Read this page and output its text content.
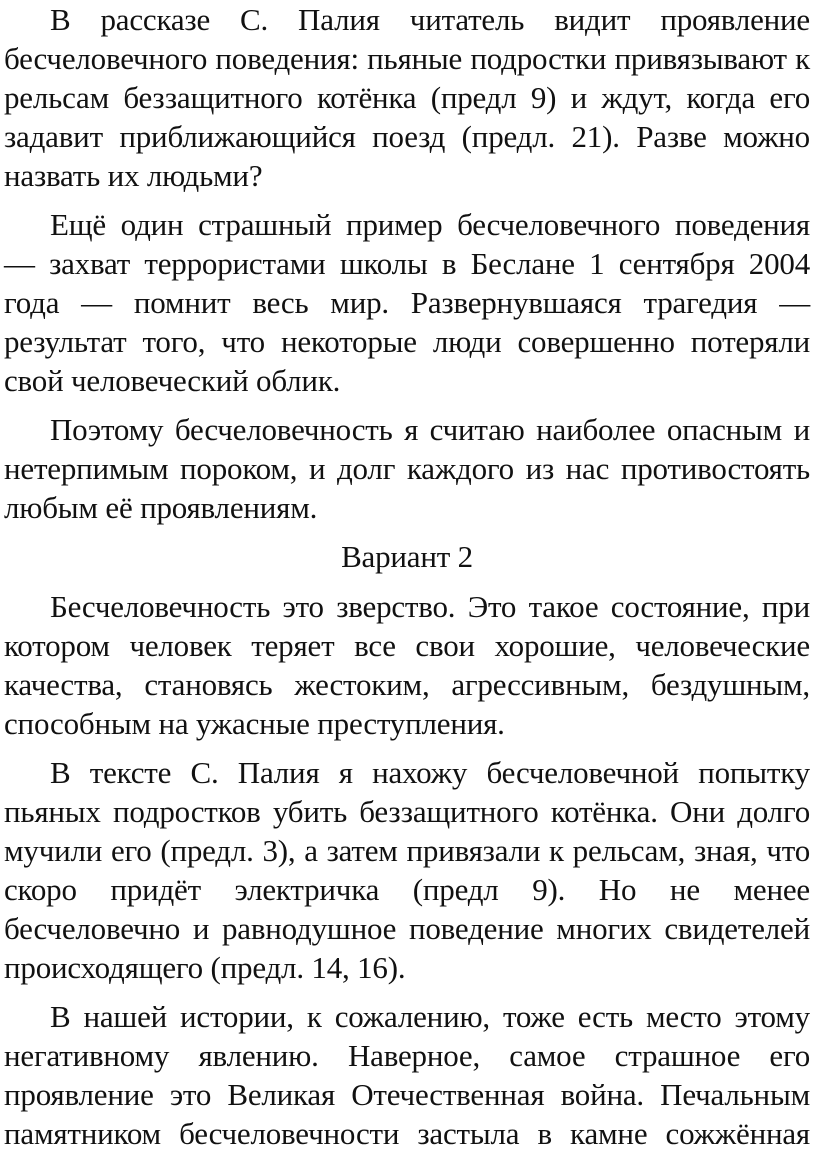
В рассказе С. Палия читатель видит проявление бесчеловечного поведения: пьяные подростки привязывают к рельсам беззащитного котёнка (предл 9) и ждут, когда его задавит приближающийся поезд (предл. 21). Разве можно назвать их людьми?

Ещё один страшный пример бесчеловечного поведения — захват террористами школы в Беслане 1 сентября 2004 года — помнит весь мир. Развернувшаяся трагедия — результат того, что некоторые люди совершенно потеряли свой человеческий облик.

Поэтому бесчеловечность я считаю наиболее опасным и нетерпимым пороком, и долг каждого из нас противостоять любым её проявлениям.

Вариант 2

Бесчеловечность это зверство. Это такое состояние, при котором человек теряет все свои хорошие, человеческие качества, становясь жестоким, агрессивным, бездушным, способным на ужасные преступления.

В тексте С. Палия я нахожу бесчеловечной попытку пьяных подростков убить беззащитного котёнка. Они долго мучили его (предл. 3), а затем привязали к рельсам, зная, что скоро придёт электричка (предл 9). Но не менее бесчеловечно и равнодушное поведение многих свидетелей происходящего (предл. 14, 16).

В нашей истории, к сожалению, тоже есть место этому негативному явлению. Наверное, самое страшное его проявление это Великая Отечественная война. Печальным памятником бесчеловечности застыла в камне сожжённая
